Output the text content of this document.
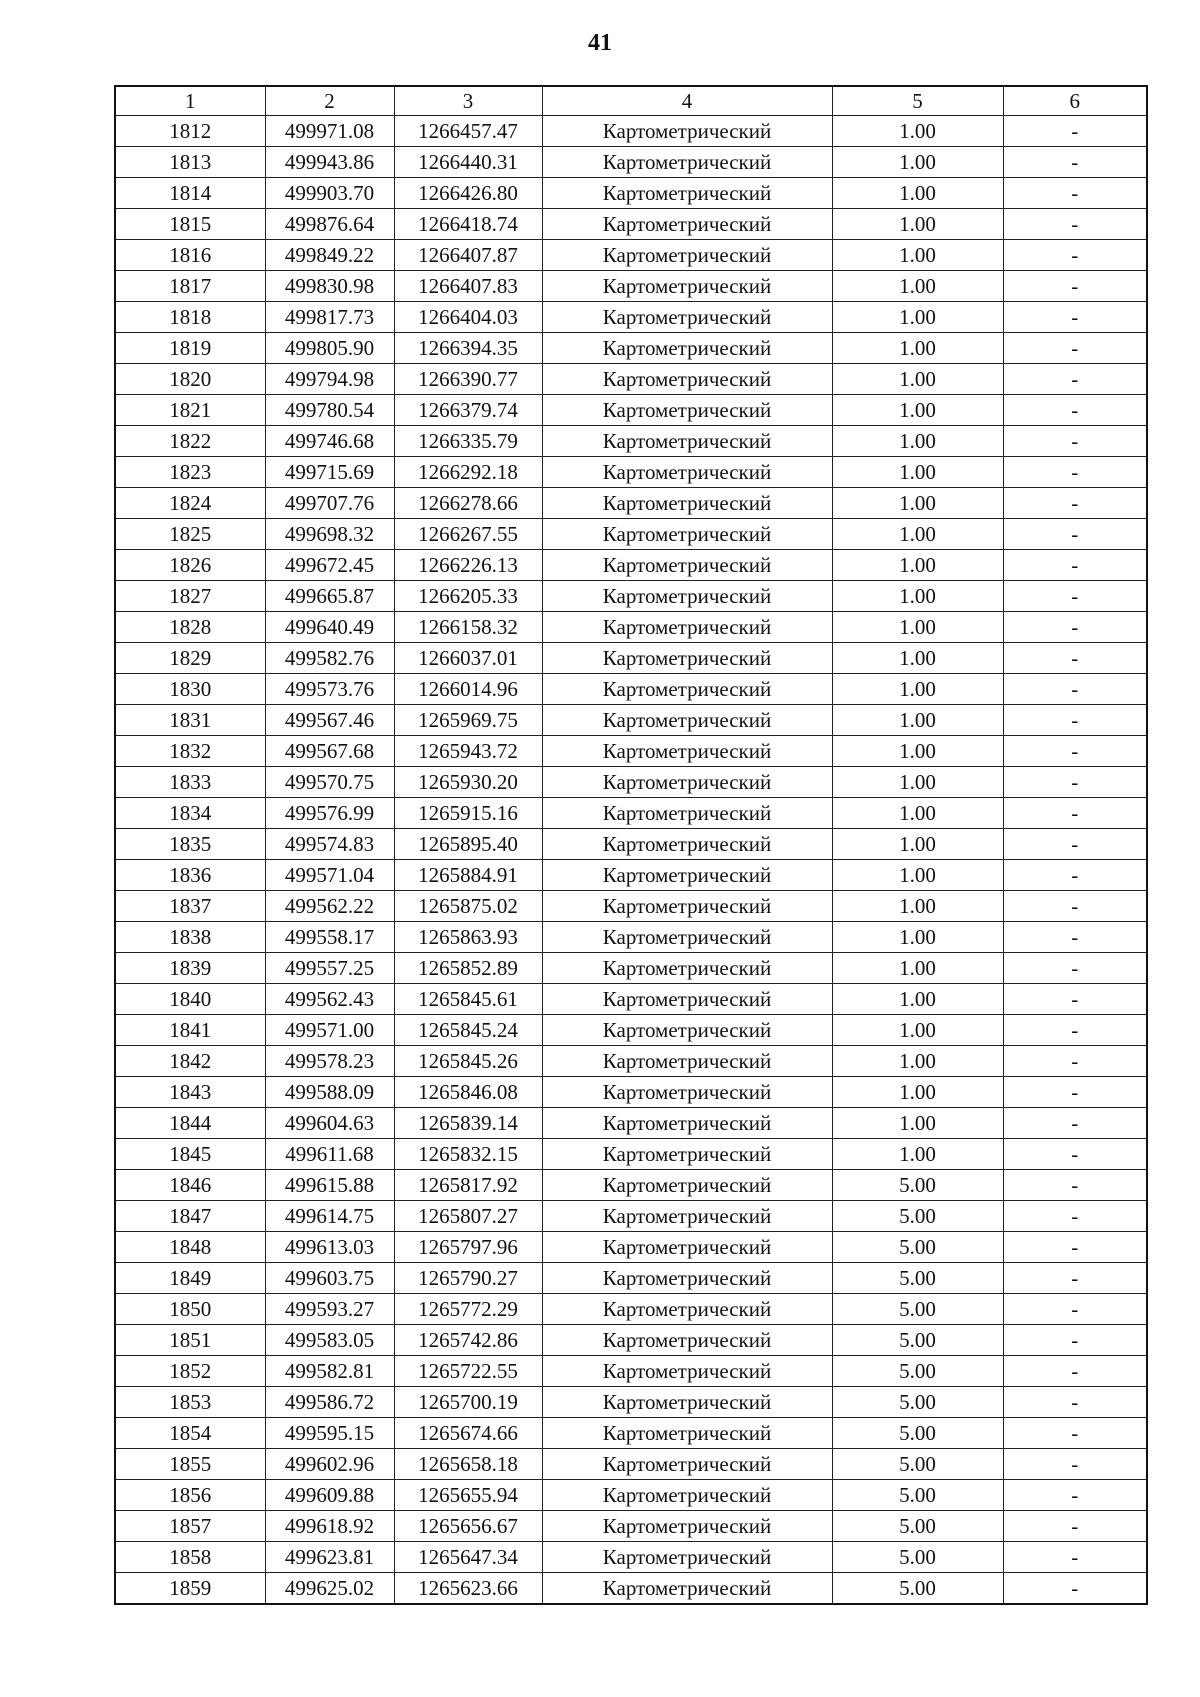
41
1	2	3	4	5	6
1812	499971.08	1266457.47	Картометрический	1.00	-
1813	499943.86	1266440.31	Картометрический	1.00	-
1814	499903.70	1266426.80	Картометрический	1.00	-
1815	499876.64	1266418.74	Картометрический	1.00	-
1816	499849.22	1266407.87	Картометрический	1.00	-
1817	499830.98	1266407.83	Картометрический	1.00	-
1818	499817.73	1266404.03	Картометрический	1.00	-
1819	499805.90	1266394.35	Картометрический	1.00	-
1820	499794.98	1266390.77	Картометрический	1.00	-
1821	499780.54	1266379.74	Картометрический	1.00	-
1822	499746.68	1266335.79	Картометрический	1.00	-
1823	499715.69	1266292.18	Картометрический	1.00	-
1824	499707.76	1266278.66	Картометрический	1.00	-
1825	499698.32	1266267.55	Картометрический	1.00	-
1826	499672.45	1266226.13	Картометрический	1.00	-
1827	499665.87	1266205.33	Картометрический	1.00	-
1828	499640.49	1266158.32	Картометрический	1.00	-
1829	499582.76	1266037.01	Картометрический	1.00	-
1830	499573.76	1266014.96	Картометрический	1.00	-
1831	499567.46	1265969.75	Картометрический	1.00	-
1832	499567.68	1265943.72	Картометрический	1.00	-
1833	499570.75	1265930.20	Картометрический	1.00	-
1834	499576.99	1265915.16	Картометрический	1.00	-
1835	499574.83	1265895.40	Картометрический	1.00	-
1836	499571.04	1265884.91	Картометрический	1.00	-
1837	499562.22	1265875.02	Картометрический	1.00	-
1838	499558.17	1265863.93	Картометрический	1.00	-
1839	499557.25	1265852.89	Картометрический	1.00	-
1840	499562.43	1265845.61	Картометрический	1.00	-
1841	499571.00	1265845.24	Картометрический	1.00	-
1842	499578.23	1265845.26	Картометрический	1.00	-
1843	499588.09	1265846.08	Картометрический	1.00	-
1844	499604.63	1265839.14	Картометрический	1.00	-
1845	499611.68	1265832.15	Картометрический	1.00	-
1846	499615.88	1265817.92	Картометрический	5.00	-
1847	499614.75	1265807.27	Картометрический	5.00	-
1848	499613.03	1265797.96	Картометрический	5.00	-
1849	499603.75	1265790.27	Картометрический	5.00	-
1850	499593.27	1265772.29	Картометрический	5.00	-
1851	499583.05	1265742.86	Картометрический	5.00	-
1852	499582.81	1265722.55	Картометрический	5.00	-
1853	499586.72	1265700.19	Картометрический	5.00	-
1854	499595.15	1265674.66	Картометрический	5.00	-
1855	499602.96	1265658.18	Картометрический	5.00	-
1856	499609.88	1265655.94	Картометрический	5.00	-
1857	499618.92	1265656.67	Картометрический	5.00	-
1858	499623.81	1265647.34	Картометрический	5.00	-
1859	499625.02	1265623.66	Картометрический	5.00	-
